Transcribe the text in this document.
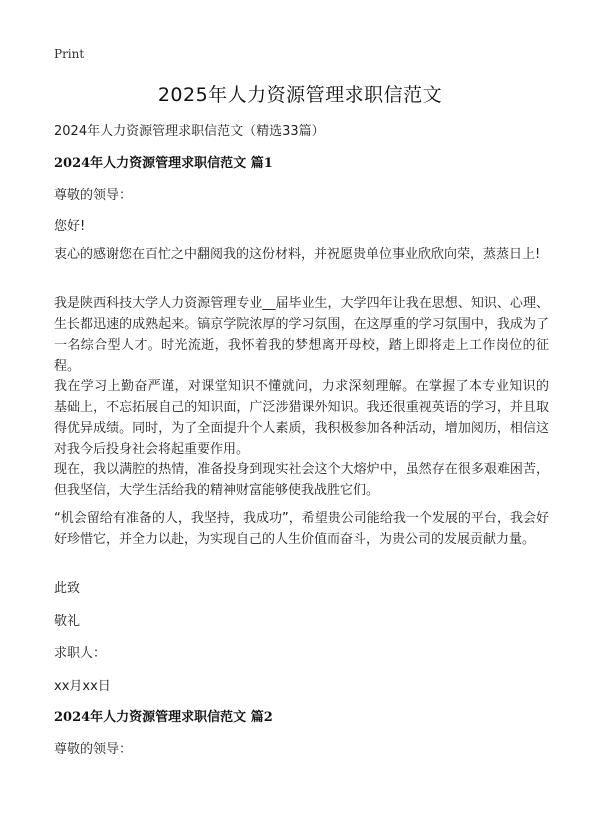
Print
2025年人力资源管理求职信范文
2024年人力资源管理求职信范文（精选33篇）
2024年人力资源管理求职信范文 篇1
尊敬的领导：
您好!

衷心的感谢您在百忙之中翻阅我的这份材料，并祝愿贵单位事业欣欣向荣，蒸蒸日上!

我是陕西科技大学人力资源管理专业__届毕业生，大学四年让我在思想、知识、心理、生长都迅速的成熟起来。镐京学院浓厚的学习氛围，在这厚重的学习氛围中，我成为了一名综合型人才。时光流逝，我怀着我的梦想离开母校，踏上即将走上工作岗位的征程。

我在学习上勤奋严谨，对课堂知识不懂就问，力求深刻理解。在掌握了本专业知识的 基础上，不忘拓展自己的知识面，广泛涉猎课外知识。我还很重视英语的学习，并且取得优异成绩。同时，为了全面提升个人素质，我积极参加各种活动，增加阅历，相信这对我今后投身社会将起重要作用。

现在，我以满腔的热情，准备投身到现实社会这个大熔炉中，虽然存在很多艰难困苦，但我坚信，大学生活给我的精神财富能够使我战胜它们。

“机会留给有准备的人，我坚持，我成功”，希望贵公司能给我一个发展的平台，我会好好珍惜它，并全力以赴，为实现自己的人生价值而奋斗，为贵公司的发展贡献力量。

此致
敬礼
求职人：
xx月xx日
2024年人力资源管理求职信范文 篇2
尊敬的领导：
